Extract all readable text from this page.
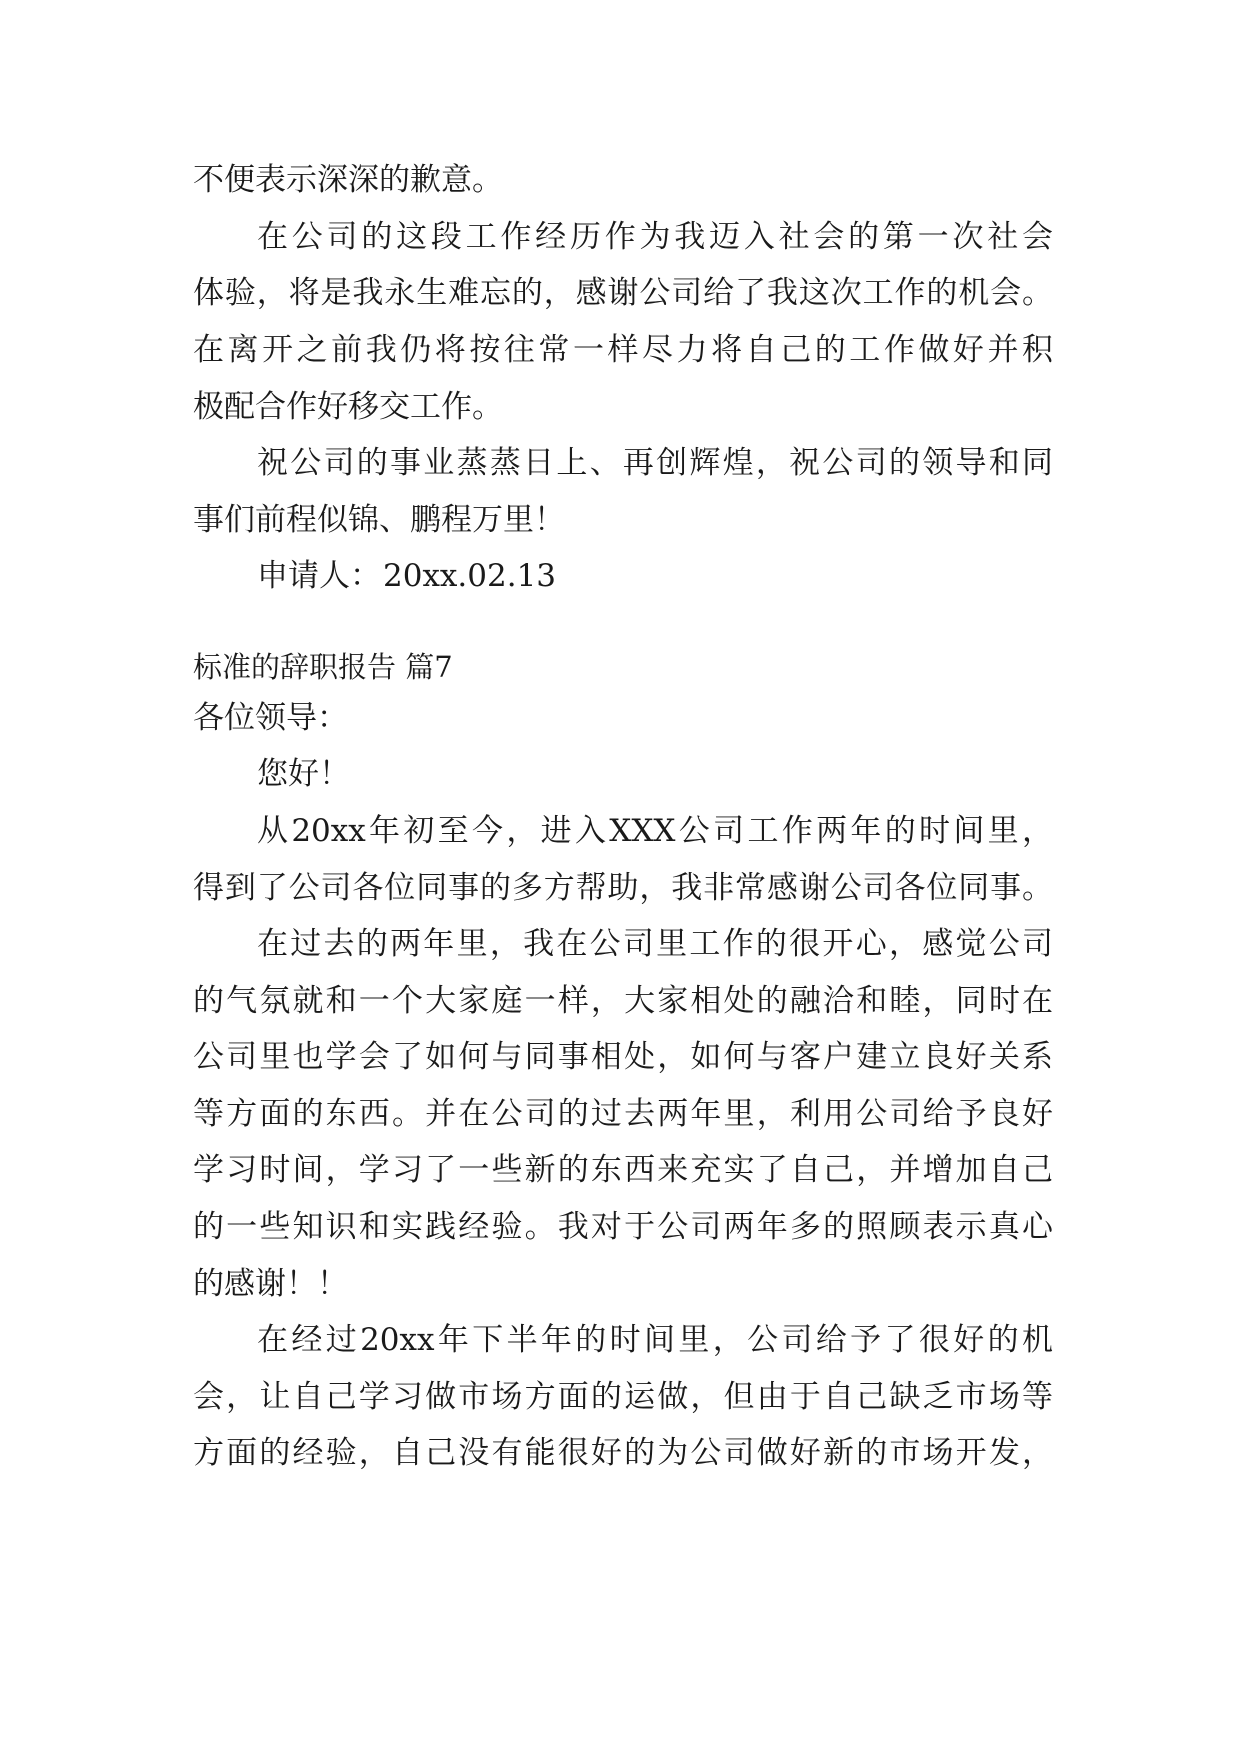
不便表示深深的歉意。
在公司的这段工作经历作为我迈入社会的第一次社会
体验，将是我永生难忘的，感谢公司给了我这次工作的机会。
在离开之前我仍将按往常一样尽力将自己的工作做好并积
极配合作好移交工作。
祝公司的事业蒸蒸日上、再创辉煌，祝公司的领导和同
事们前程似锦、鹏程万里！
申请人： 20xx.02.13
标准的辞职报告 篇7
各位领导：
您好！
从20xx年初至今，进入XXX公司工作两年的时间里，
得到了公司各位同事的多方帮助，我非常感谢公司各位同事。
在过去的两年里，我在公司里工作的很开心，感觉公司
的气氛就和一个大家庭一样，大家相处的融洽和睦，同时在
公司里也学会了如何与同事相处，如何与客户建立良好关系
等方面的东西。并在公司的过去两年里，利用公司给予良好
学习时间，学习了一些新的东西来充实了自己，并增加自己
的一些知识和实践经验。我对于公司两年多的照顾表示真心
的感谢！！
在经过20xx年下半年的时间里，公司给予了很好的机
会，让自己学习做市场方面的运做，但由于自己缺乏市场等
方面的经验，自己没有能很好的为公司做好新的市场开发，
